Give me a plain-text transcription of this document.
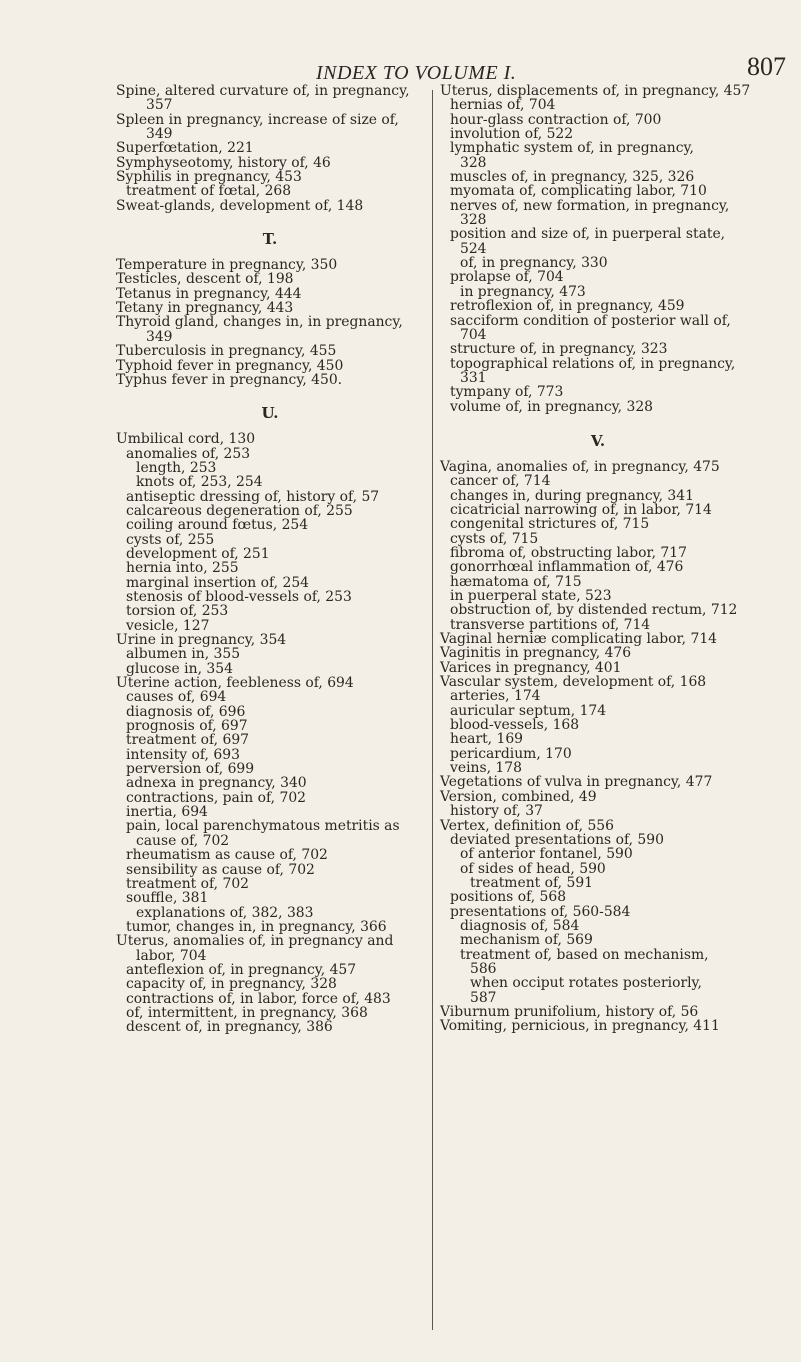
INDEX TO VOLUME I.	807
Spine, altered curvature of, in pregnancy,
357
Spleen in pregnancy, increase of size of,
349
Superfœtation, 221
Symphyseotomy, history of, 46
Syphilis in pregnancy, 453
treatment of fœtal, 268
Sweat-glands, development of, 148
T.
Temperature in pregnancy, 350
Testicles, descent of, 198
Tetanus in pregnancy, 444
Tetany in pregnancy, 443
Thyroid gland, changes in, in pregnancy,
349
Tuberculosis in pregnancy, 455
Typhoid fever in pregnancy, 450
Typhus fever in pregnancy, 450.
U.
Umbilical cord, 130
anomalies of, 253
length, 253
knots of, 253, 254
antiseptic dressing of, history of, 57
calcareous degeneration of, 255
coiling around fœtus, 254
cysts of, 255
development of, 251
hernia into, 255
marginal insertion of, 254
stenosis of blood-vessels of, 253
torsion of, 253
vesicle, 127
Urine in pregnancy, 354
albumen in, 355
glucose in, 354
Uterine action, feebleness of, 694
causes of, 694
diagnosis of, 696
prognosis of, 697
treatment of, 697
intensity of, 693
perversion of, 699
adnexa in pregnancy, 340
contractions, pain of, 702
inertia, 694
pain, local parenchymatous metritis as
cause of, 702
rheumatism as cause of, 702
sensibility as cause of, 702
treatment of, 702
souffle, 381
explanations of, 382, 383
tumor, changes in, in pregnancy, 366
Uterus, anomalies of, in pregnancy and
labor, 704
anteflexion of, in pregnancy, 457
capacity of, in pregnancy, 328
contractions of, in labor, force of, 483
of, intermittent, in pregnancy, 368
descent of, in pregnancy, 386
Uterus, displacements of, in pregnancy, 457
hernias of, 704
hour-glass contraction of, 700
involution of, 522
lymphatic system of, in pregnancy,
328
muscles of, in pregnancy, 325, 326
myomata of, complicating labor, 710
nerves of, new formation, in pregnancy,
328
position and size of, in puerperal state,
524
of, in pregnancy, 330
prolapse of, 704
in pregnancy, 473
retroflexion of, in pregnancy, 459
sacciform condition of posterior wall of,
704
structure of, in pregnancy, 323
topographical relations of, in pregnancy,
331
tympany of, 773
volume of, in pregnancy, 328
V.
Vagina, anomalies of, in pregnancy, 475
cancer of, 714
changes in, during pregnancy, 341
cicatricial narrowing of, in labor, 714
congenital strictures of, 715
cysts of, 715
fibroma of, obstructing labor, 717
gonorrhœal inflammation of, 476
hæmatoma of, 715
in puerperal state, 523
obstruction of, by distended rectum, 712
transverse partitions of, 714
Vaginal herniæ complicating labor, 714
Vaginitis in pregnancy, 476
Varices in pregnancy, 401
Vascular system, development of, 168
arteries, 174
auricular septum, 174
blood-vessels, 168
heart, 169
pericardium, 170
veins, 178
Vegetations of vulva in pregnancy, 477
Version, combined, 49
history of, 37
Vertex, definition of, 556
deviated presentations of, 590
of anterior fontanel, 590
of sides of head, 590
treatment of, 591
positions of, 568
presentations of, 560-584
diagnosis of, 584
mechanism of, 569
treatment of, based on mechanism,
586
when occiput rotates posteriorly,
587
Viburnum prunifolium, history of, 56
Vomiting, pernicious, in pregnancy, 411
